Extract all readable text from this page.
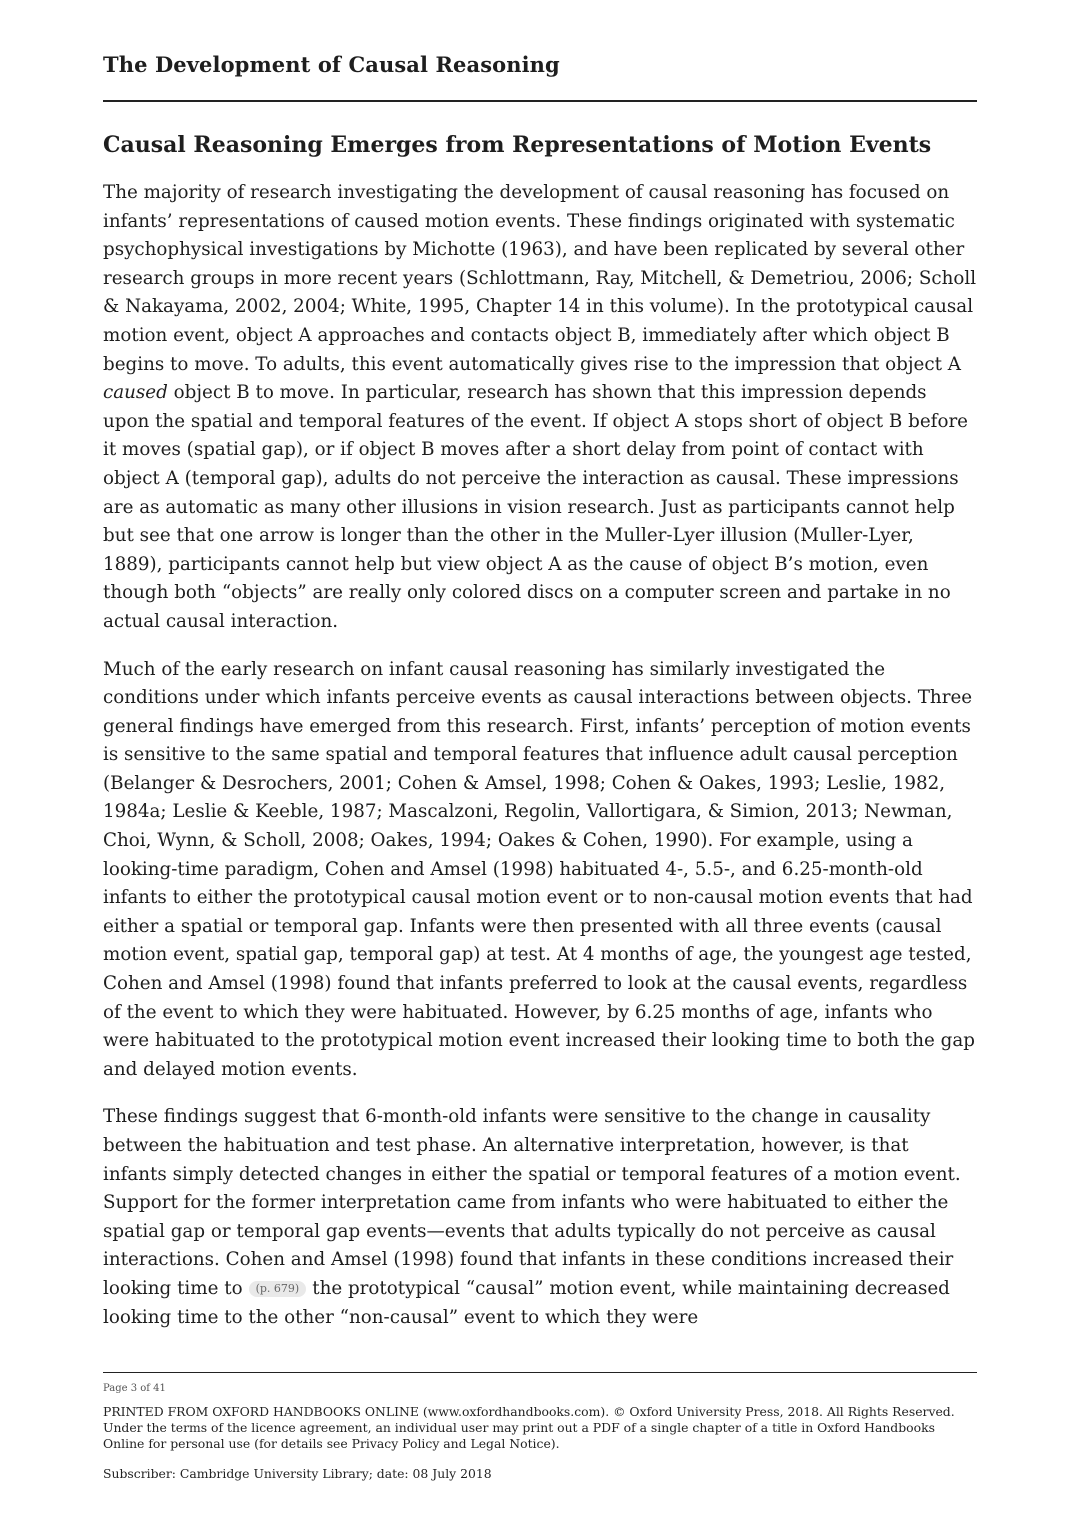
The Development of Causal Reasoning
Causal Reasoning Emerges from Representations of Motion Events

The majority of research investigating the development of causal reasoning has focused on infants’ representations of caused motion events. These findings originated with systematic psychophysical investigations by Michotte (1963), and have been replicated by several other research groups in more recent years (Schlottmann, Ray, Mitchell, & Demetriou, 2006; Scholl & Nakayama, 2002, 2004; White, 1995, Chapter 14 in this volume). In the prototypical causal motion event, object A approaches and contacts object B, immediately after which object B begins to move. To adults, this event automatically gives rise to the impression that object A caused object B to move. In particular, research has shown that this impression depends upon the spatial and temporal features of the event. If object A stops short of object B before it moves (spatial gap), or if object B moves after a short delay from point of contact with object A (temporal gap), adults do not perceive the interaction as causal. These impressions are as automatic as many other illusions in vision research. Just as participants cannot help but see that one arrow is longer than the other in the Muller-Lyer illusion (Muller-Lyer, 1889), participants cannot help but view object A as the cause of object B’s motion, even though both “objects” are really only colored discs on a computer screen and partake in no actual causal interaction.

Much of the early research on infant causal reasoning has similarly investigated the conditions under which infants perceive events as causal interactions between objects. Three general findings have emerged from this research. First, infants’ perception of motion events is sensitive to the same spatial and temporal features that influence adult causal perception (Belanger & Desrochers, 2001; Cohen & Amsel, 1998; Cohen & Oakes, 1993; Leslie, 1982, 1984a; Leslie & Keeble, 1987; Mascalzoni, Regolin, Vallortigara, & Simion, 2013; Newman, Choi, Wynn, & Scholl, 2008; Oakes, 1994; Oakes & Cohen, 1990). For example, using a looking-time paradigm, Cohen and Amsel (1998) habituated 4-, 5.5-, and 6.25-month-old infants to either the prototypical causal motion event or to non-causal motion events that had either a spatial or temporal gap. Infants were then presented with all three events (causal motion event, spatial gap, temporal gap) at test. At 4 months of age, the youngest age tested, Cohen and Amsel (1998) found that infants preferred to look at the causal events, regardless of the event to which they were habituated. However, by 6.25 months of age, infants who were habituated to the prototypical motion event increased their looking time to both the gap and delayed motion events.

These findings suggest that 6-month-old infants were sensitive to the change in causality between the habituation and test phase. An alternative interpretation, however, is that infants simply detected changes in either the spatial or temporal features of a motion event. Support for the former interpretation came from infants who were habituated to either the spatial gap or temporal gap events—events that adults typically do not perceive as causal interactions. Cohen and Amsel (1998) found that infants in these conditions increased their looking time to (p. 679) the prototypical “causal” motion event, while maintaining decreased looking time to the other “non-causal” event to which they were

Page 3 of 41

PRINTED FROM OXFORD HANDBOOKS ONLINE (www.oxfordhandbooks.com). © Oxford University Press, 2018. All Rights Reserved. Under the terms of the licence agreement, an individual user may print out a PDF of a single chapter of a title in Oxford Handbooks Online for personal use (for details see Privacy Policy and Legal Notice).

Subscriber: Cambridge University Library; date: 08 July 2018
